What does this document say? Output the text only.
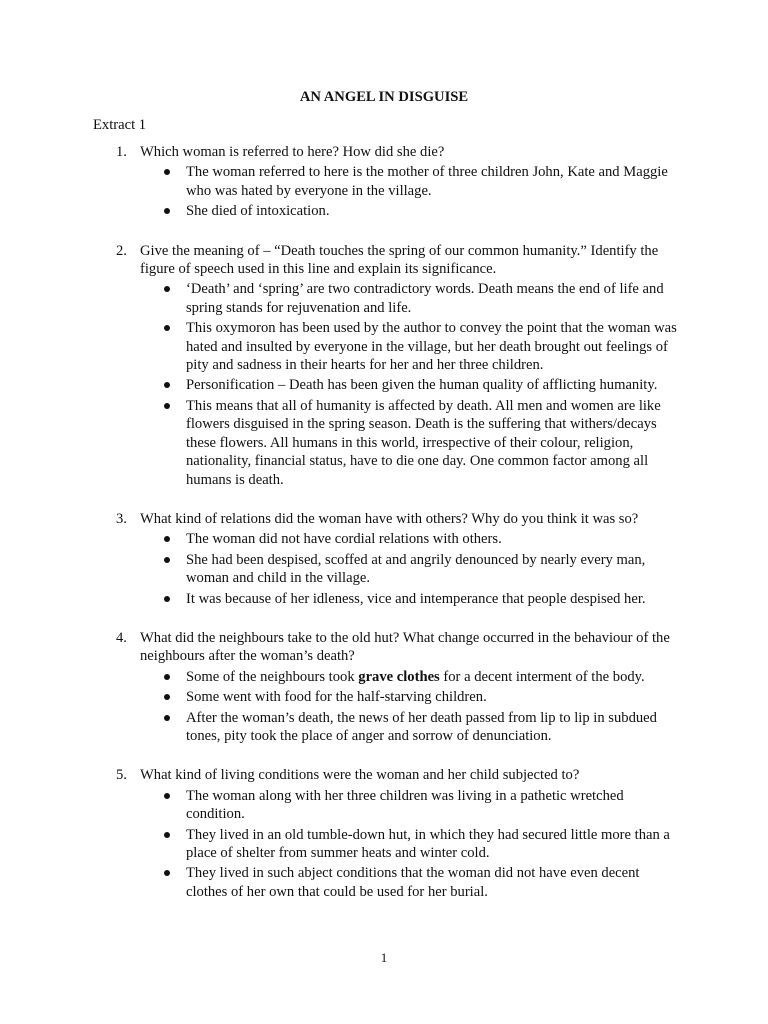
AN ANGEL IN DISGUISE
Extract 1
1. Which woman is referred to here? How did she die?
The woman referred to here is the mother of three children John, Kate and Maggie who was hated by everyone in the village.
She died of intoxication.
2. Give the meaning of – “Death touches the spring of our common humanity.” Identify the figure of speech used in this line and explain its significance.
‘Death’ and ‘spring’ are two contradictory words. Death means the end of life and spring stands for rejuvenation and life.
This oxymoron has been used by the author to convey the point that the woman was hated and insulted by everyone in the village, but her death brought out feelings of pity and sadness in their hearts for her and her three children.
Personification – Death has been given the human quality of afflicting humanity.
This means that all of humanity is affected by death. All men and women are like flowers disguised in the spring season. Death is the suffering that withers/decays these flowers. All humans in this world, irrespective of their colour, religion, nationality, financial status, have to die one day. One common factor among all humans is death.
3. What kind of relations did the woman have with others? Why do you think it was so?
The woman did not have cordial relations with others.
She had been despised, scoffed at and angrily denounced by nearly every man, woman and child in the village.
It was because of her idleness, vice and intemperance that people despised her.
4. What did the neighbours take to the old hut? What change occurred in the behaviour of the neighbours after the woman’s death?
Some of the neighbours took grave clothes for a decent interment of the body.
Some went with food for the half-starving children.
After the woman’s death, the news of her death passed from lip to lip in subdued tones, pity took the place of anger and sorrow of denunciation.
5. What kind of living conditions were the woman and her child subjected to?
The woman along with her three children was living in a pathetic wretched condition.
They lived in an old tumble-down hut, in which they had secured little more than a place of shelter from summer heats and winter cold.
They lived in such abject conditions that the woman did not have even decent clothes of her own that could be used for her burial.
1
